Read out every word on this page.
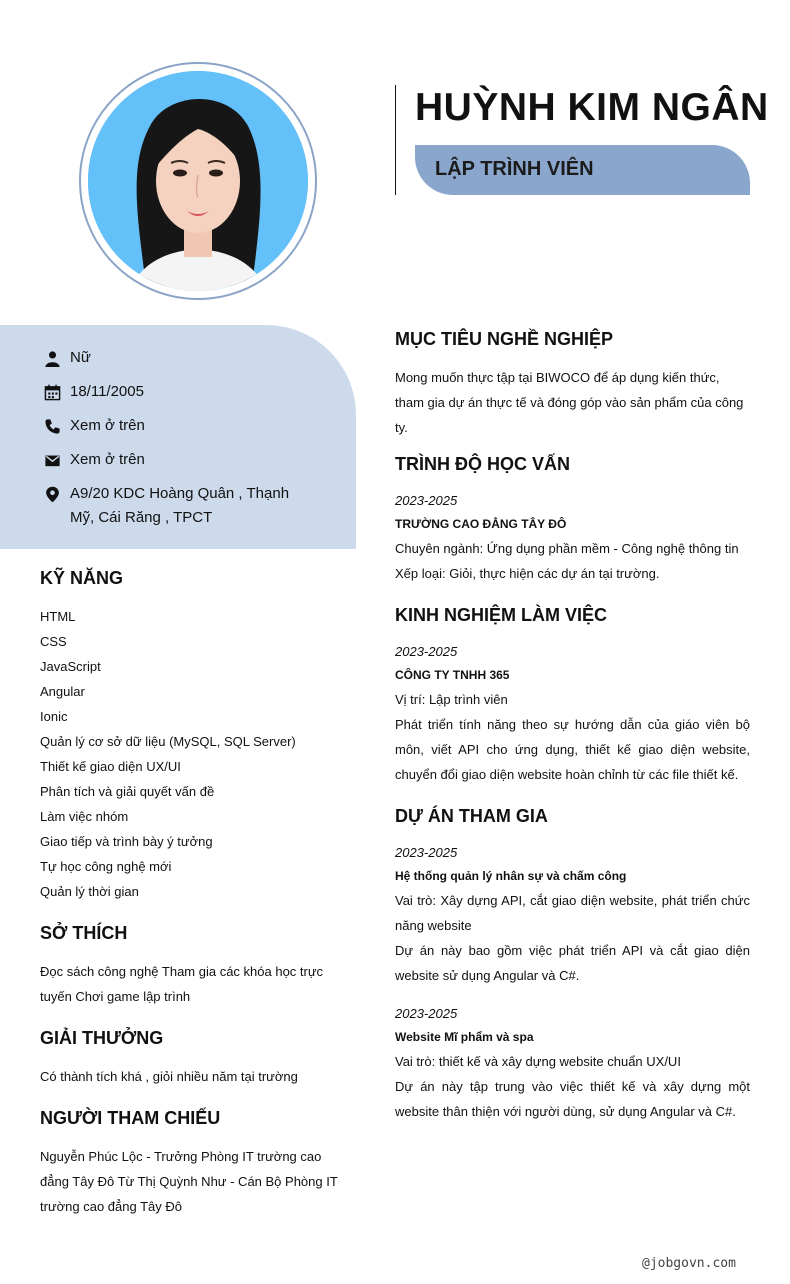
HUỲNH KIM NGÂN
LẬP TRÌNH VIÊN
Nữ
18/11/2005
Xem ở trên
Xem ở trên
A9/20 KDC Hoàng Quân , Thạnh Mỹ, Cái Răng , TPCT
KỸ NĂNG
HTML
CSS
JavaScript
Angular
Ionic
Quản lý cơ sở dữ liệu (MySQL, SQL Server)
Thiết kế giao diện UX/UI
Phân tích và giải quyết vấn đề
Làm việc nhóm
Giao tiếp và trình bày ý tưởng
Tự học công nghệ mới
Quản lý thời gian
SỞ THÍCH
Đọc sách công nghệ Tham gia các khóa học trực tuyến Chơi game lập trình
GIẢI THƯỞNG
Có thành tích khá , giỏi nhiều năm tại trường
NGƯỜI THAM CHIẾU
Nguyễn Phúc Lộc - Trưởng Phòng IT trường cao đẳng Tây Đô Từ Thị Quỳnh Như - Cán Bộ Phòng IT trường cao đẳng Tây Đô
MỤC TIÊU NGHỀ NGHIỆP
Mong muốn thực tập tại BIWOCO để áp dụng kiến thức, tham gia dự án thực tế và đóng góp vào sản phẩm của công ty.
TRÌNH ĐỘ HỌC VẤN
2023-2025
TRƯỜNG CAO ĐẲNG TÂY ĐÔ
Chuyên ngành: Ứng dụng phần mềm - Công nghệ thông tin
Xếp loại: Giỏi, thực hiện các dự án tại trường.
KINH NGHIỆM LÀM VIỆC
2023-2025
CÔNG TY TNHH 365
Vị trí: Lập trình viên
Phát triển tính năng theo sự hướng dẫn của giáo viên bộ môn, viết API cho ứng dụng, thiết kế giao diện website, chuyển đổi giao diện website hoàn chỉnh từ các file thiết kế.
DỰ ÁN THAM GIA
2023-2025
Hệ thống quản lý nhân sự và chấm công
Vai trò: Xây dựng API, cắt giao diện website, phát triển chức năng website
Dự án này bao gồm việc phát triển API và cắt giao diện website sử dụng Angular và C#.
2023-2025
Website Mĩ phẩm và spa
Vai trò: thiết kế và xây dựng website chuẩn UX/UI
Dự án này tập trung vào việc thiết kế và xây dựng một website thân thiện với người dùng, sử dụng Angular và C#.
@jobgovn.com
